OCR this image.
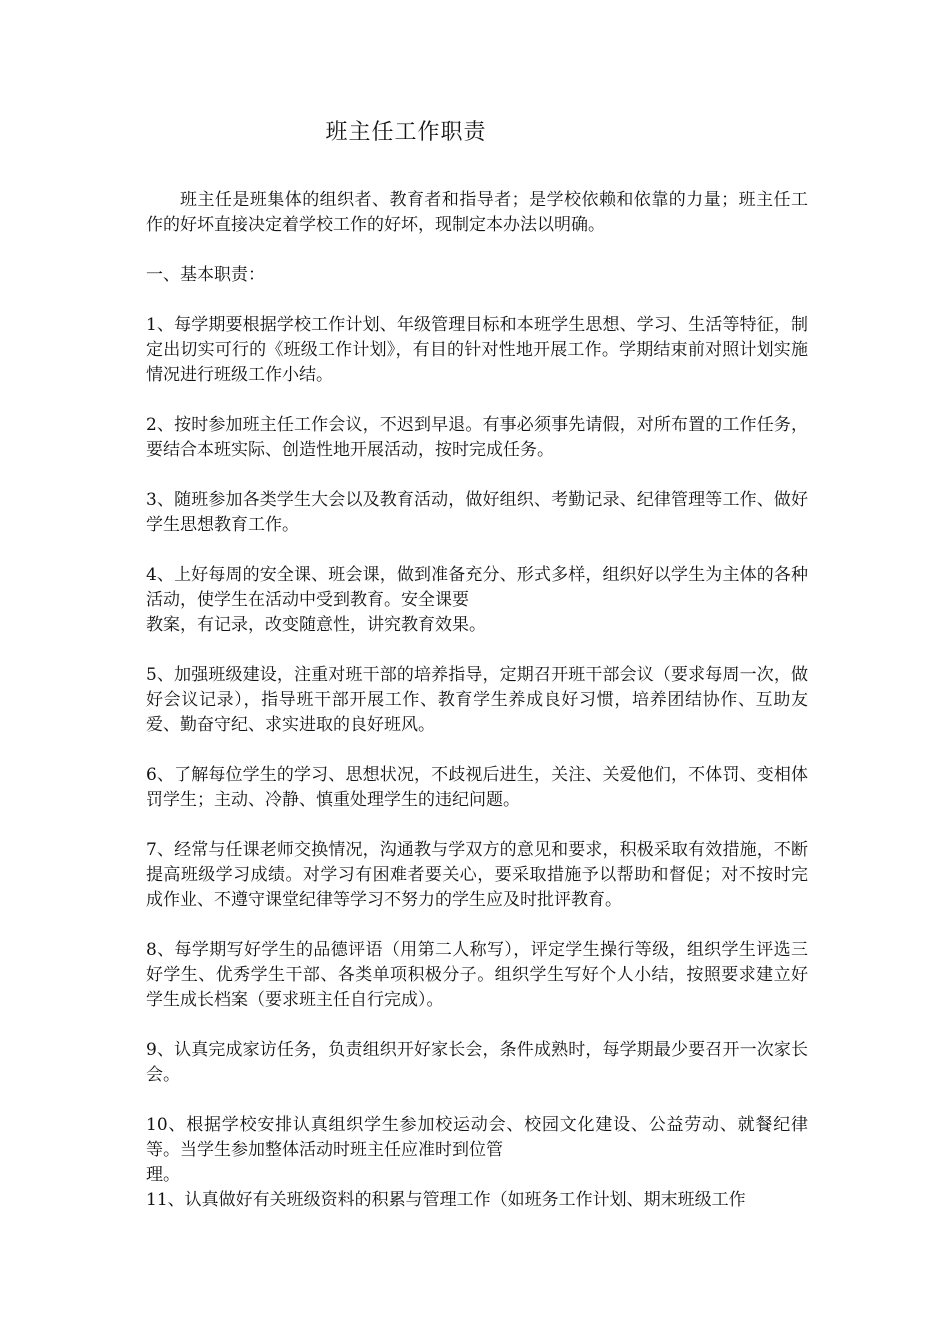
班主任工作职责

班主任是班集体的组织者、教育者和指导者；是学校依赖和依靠的力量；班主任工作的好坏直接决定着学校工作的好坏，现制定本办法以明确。

一、基本职责：

1、每学期要根据学校工作计划、年级管理目标和本班学生思想、学习、生活等特征，制定出切实可行的《班级工作计划》，有目的针对性地开展工作。学期结束前对照计划实施情况进行班级工作小结。

2、按时参加班主任工作会议，不迟到早退。有事必须事先请假，对所布置的工作任务，要结合本班实际、创造性地开展活动，按时完成任务。

3、随班参加各类学生大会以及教育活动，做好组织、考勤记录、纪律管理等工作、做好学生思想教育工作。

4、上好每周的安全课、班会课，做到准备充分、形式多样，组织好以学生为主体的各种活动，使学生在活动中受到教育。安全课要
教案，有记录，改变随意性，讲究教育效果。

5、加强班级建设，注重对班干部的培养指导，定期召开班干部会议（要求每周一次，做好会议记录），指导班干部开展工作、教育学生养成良好习惯，培养团结协作、互助友爱、勤奋守纪、求实进取的良好班风。

6、了解每位学生的学习、思想状况，不歧视后进生，关注、关爱他们，不体罚、变相体罚学生；主动、冷静、慎重处理学生的违纪问题。

7、经常与任课老师交换情况，沟通教与学双方的意见和要求，积极采取有效措施，不断提高班级学习成绩。对学习有困难者要关心，要采取措施予以帮助和督促；对不按时完成作业、不遵守课堂纪律等学习不努力的学生应及时批评教育。

8、每学期写好学生的品德评语（用第二人称写），评定学生操行等级，组织学生评选三好学生、优秀学生干部、各类单项积极分子。组织学生写好个人小结，按照要求建立好学生成长档案（要求班主任自行完成）。

9、认真完成家访任务，负责组织开好家长会，条件成熟时，每学期最少要召开一次家长会。

10、根据学校安排认真组织学生参加校运动会、校园文化建设、公益劳动、就餐纪律等。当学生参加整体活动时班主任应准时到位管
理。

11、认真做好有关班级资料的积累与管理工作（如班务工作计划、期末班级工作
